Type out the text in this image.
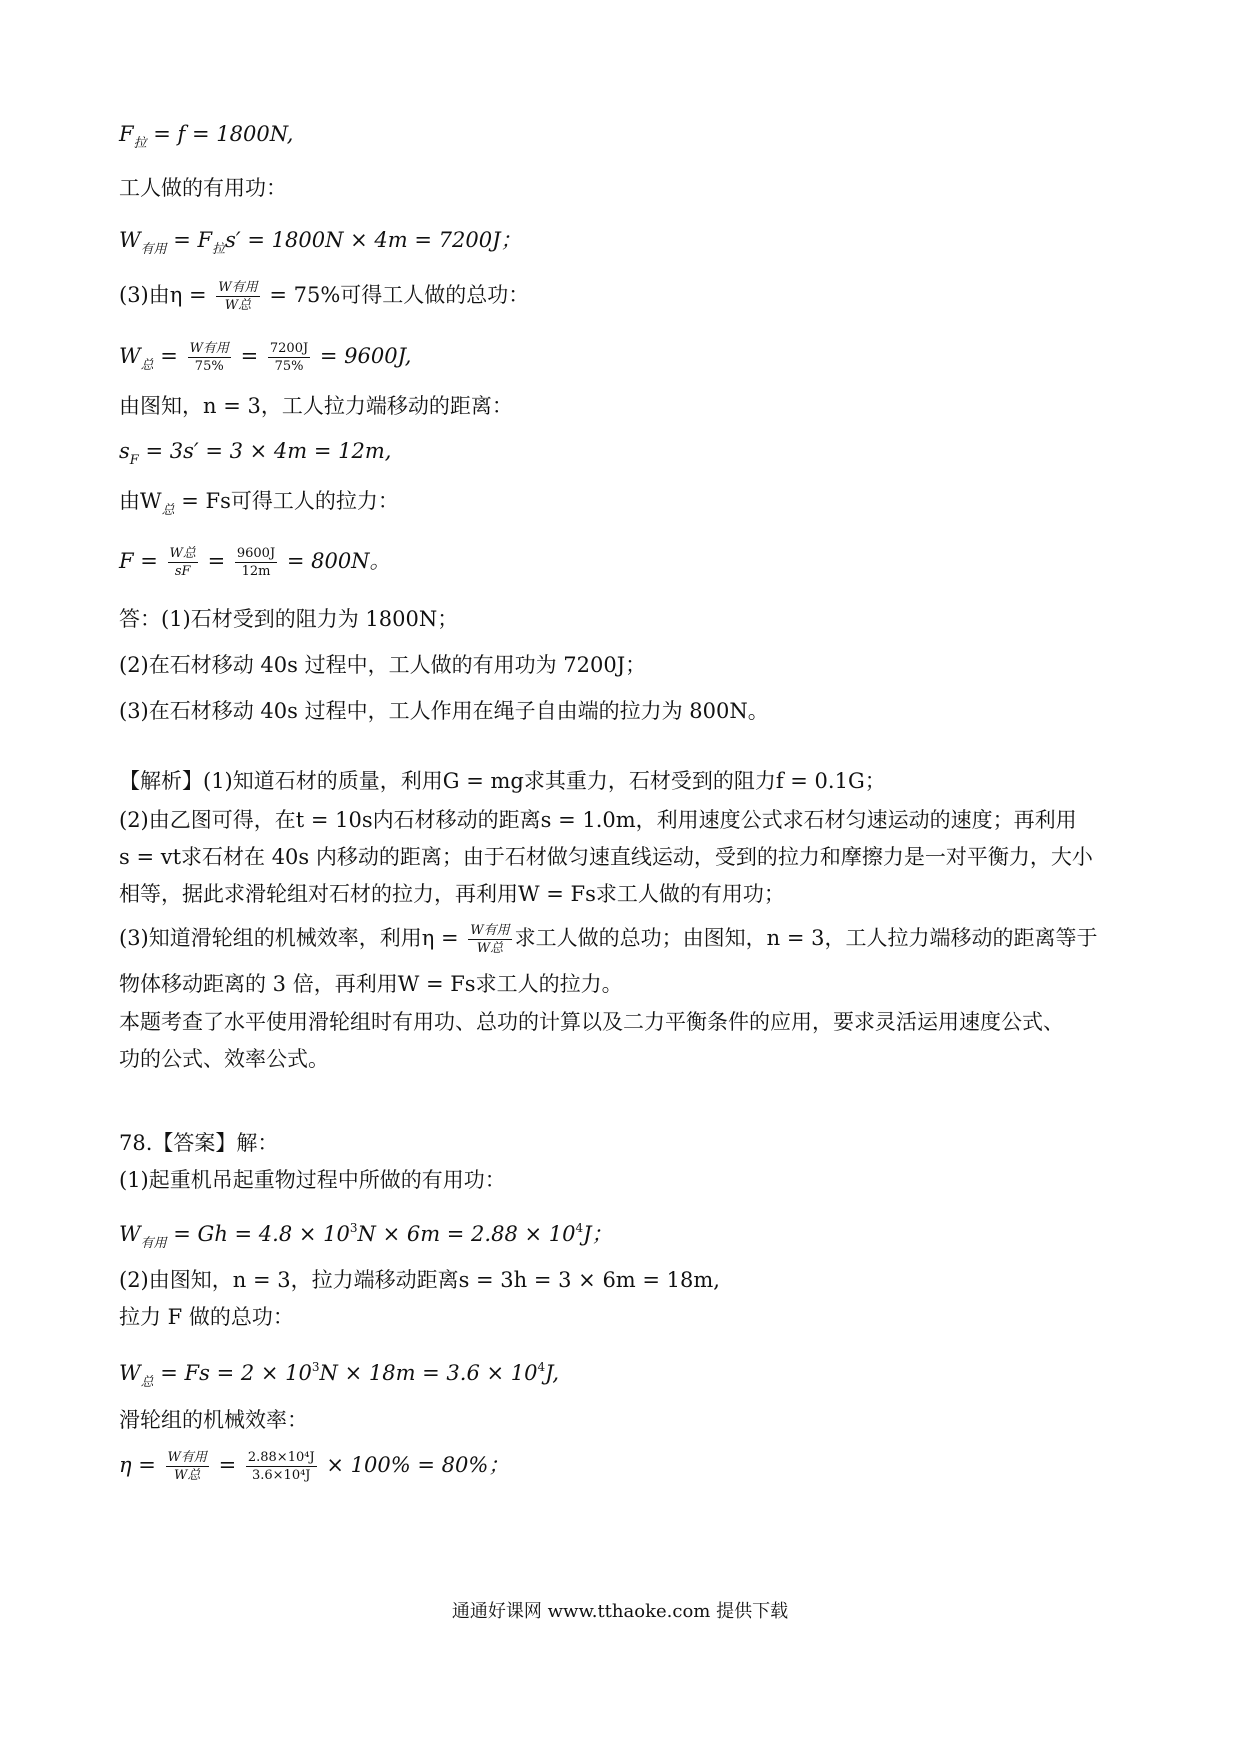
$F_拉 = f = 1800N$,
工人做的有用功：
$W_{有用} = F_拉s' = 1800N \times 4m = 7200J$；
(3)由$\eta = \frac{\text{W有用}}{\text{W总}} = 75\%$可得工人做的总功：
$W_总 = \frac{\text{W有用}}{75\%} = \frac{7200J}{75\%} = 9600J$,
由图知，n = 3，工人拉力端移动的距离：
$s_F = 3s' = 3 \times 4m = 12m$,
由$W_总 = Fs$可得工人的拉力：
$F = \frac{\text{W总}}{sF} = \frac{9600J}{12m} = 800N$。
答：(1)石材受到的阻力为 1800N；
(2)在石材移动 40s 过程中，工人做的有用功为 7200J；
(3)在石材移动 40s 过程中，工人作用在绳子自由端的拉力为 800N。
【解析】(1)知道石材的质量，利用G = mg求其重力，石材受到的阻力f = 0.1G；
(2)由乙图可得，在t = 10s内石材移动的距离s = 1.0m，利用速度公式求石材匀速运动的速度；再利用
s = vt求石材在 40s 内移动的距离；由于石材做匀速直线运动，受到的拉力和摩擦力是一对平衡力，大小
相等，据此求滑轮组对石材的拉力，再利用W = Fs求工人做的有用功；
(3)知道滑轮组的机械效率，利用$\eta = \frac{\text{W有用}}{\text{W总}}$ 求工人做的总功；由图知，n = 3，工人拉力端移动的距离等于
物体移动距离的 3 倍，再利用W = Fs求工人的拉力。
本题考查了水平使用滑轮组时有用功、总功的计算以及二力平衡条件的应用，要求灵活运用速度公式、
功的公式、效率公式。
78.【答案】解：
(1)起重机吊起重物过程中所做的有用功：
$W_{有用} = Gh = 4.8 \times 10^3N \times 6m = 2.88 \times 10^4J$；
(2)由图知，n = 3，拉力端移动距离s = 3h = 3 × 6m = 18m,
拉力 F 做的总功：
$W_总 = Fs = 2 \times 10^3N \times 18m = 3.6 \times 10^4J$,
滑轮组的机械效率：
$\eta = \frac{\text{W有用}}{\text{W总}} = \frac{\text{2.88×10⁴J}}{\text{3.6×10⁴J}} \times 100\% = 80\%$；
通通好课网 www.tthaoke.com 提供下载
